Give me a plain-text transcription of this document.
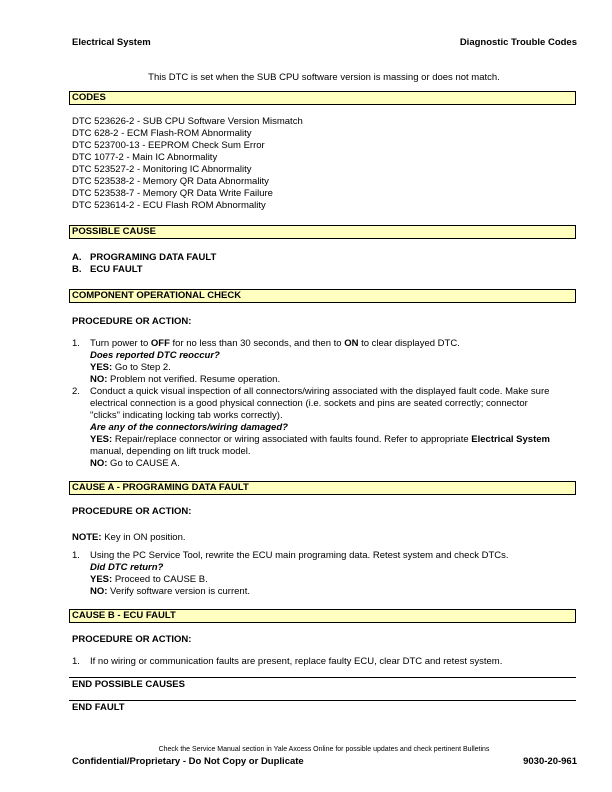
Electrical System	Diagnostic Trouble Codes
This DTC is set when the SUB CPU software version is massing or does not match.
CODES
DTC 523626-2 - SUB CPU Software Version Mismatch
DTC 628-2 - ECM Flash-ROM Abnormality
DTC 523700-13 - EEPROM Check Sum Error
DTC 1077-2 - Main IC Abnormality
DTC 523527-2 - Monitoring IC Abnormality
DTC 523538-2 - Memory QR Data Abnormality
DTC 523538-7 - Memory QR Data Write Failure
DTC 523614-2 - ECU Flash ROM Abnormality
POSSIBLE CAUSE
A. PROGRAMING DATA FAULT
B. ECU FAULT
COMPONENT OPERATIONAL CHECK
PROCEDURE OR ACTION:
1. Turn power to OFF for no less than 30 seconds, and then to ON to clear displayed DTC.
Does reported DTC reoccur?
YES: Go to Step 2.
NO: Problem not verified. Resume operation.
2. Conduct a quick visual inspection of all connectors/wiring associated with the displayed fault code. Make sure
electrical connection is a good physical connection (i.e. sockets and pins are seated correctly; connector
"clicks" indicating locking tab works correctly).
Are any of the connectors/wiring damaged?
YES: Repair/replace connector or wiring associated with faults found. Refer to appropriate Electrical System
manual, depending on lift truck model.
NO: Go to CAUSE A.
CAUSE A - PROGRAMING DATA FAULT
PROCEDURE OR ACTION:
NOTE: Key in ON position.
1. Using the PC Service Tool, rewrite the ECU main programing data. Retest system and check DTCs.
Did DTC return?
YES: Proceed to CAUSE B.
NO: Verify software version is current.
CAUSE B - ECU FAULT
PROCEDURE OR ACTION:
1. If no wiring or communication faults are present, replace faulty ECU, clear DTC and retest system.
END POSSIBLE CAUSES
END FAULT
Check the Service Manual section in Yale Axcess Online for possible updates and check pertinent Bulletins
Confidential/Proprietary - Do Not Copy or Duplicate	9030-20-961
